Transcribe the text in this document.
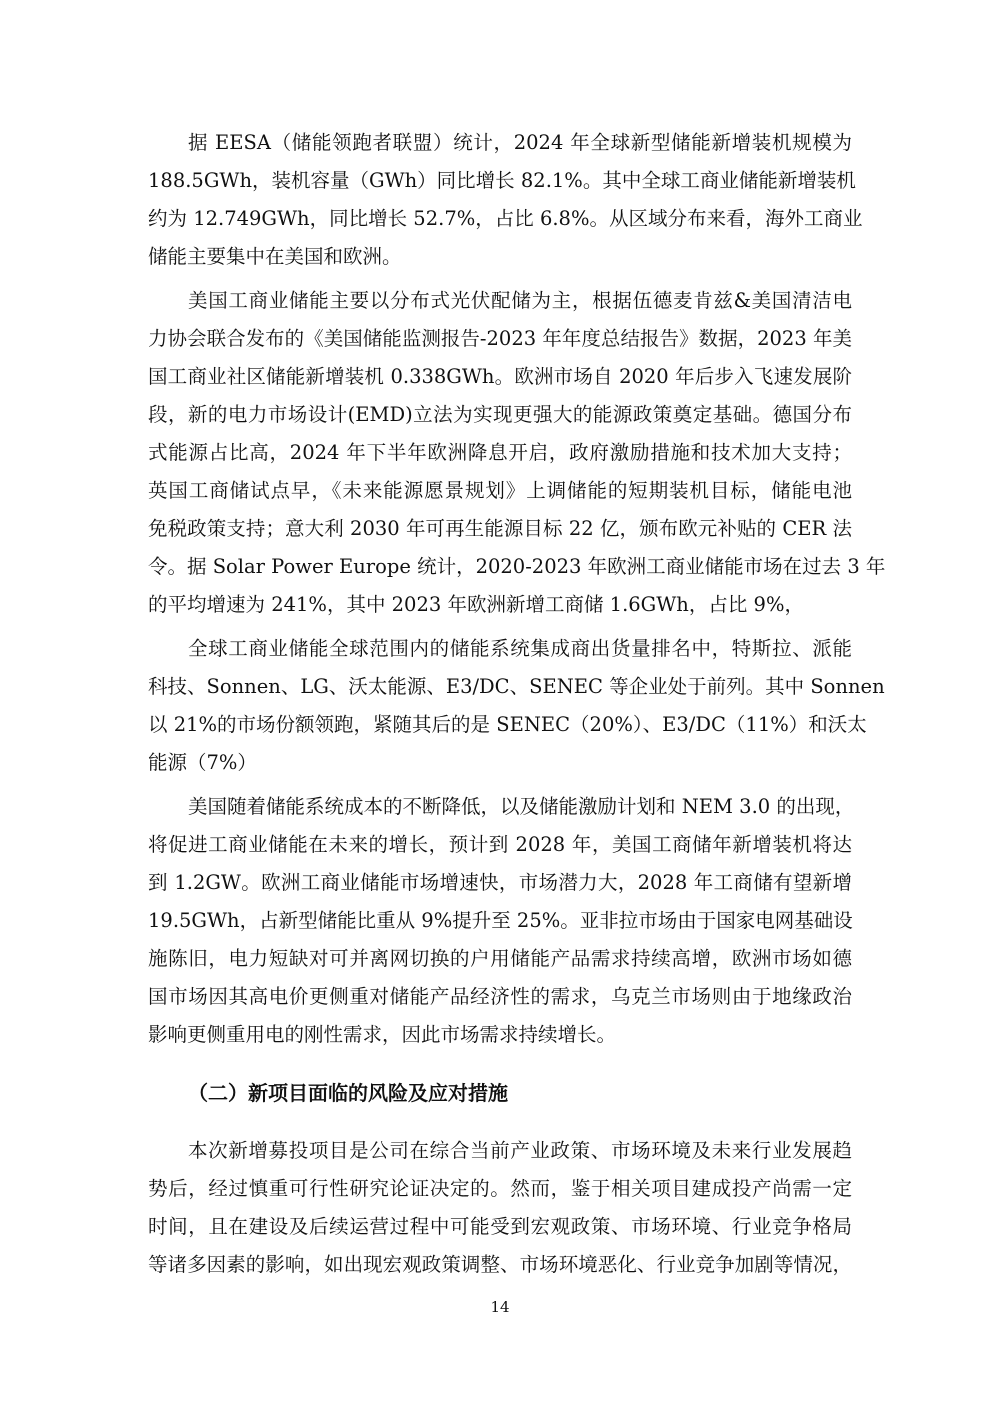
据 EESA（储能领跑者联盟）统计，2024 年全球新型储能新增装机规模为
188.5GWh，装机容量（GWh）同比增长 82.1%。其中全球工商业储能新增装机
约为 12.749GWh，同比增长 52.7%，占比 6.8%。从区域分布来看，海外工商业
储能主要集中在美国和欧洲。
美国工商业储能主要以分布式光伏配储为主，根据伍德麦肯兹&美国清洁电
力协会联合发布的《美国储能监测报告-2023 年年度总结报告》数据，2023 年美
国工商业社区储能新增装机 0.338GWh。欧洲市场自 2020 年后步入飞速发展阶
段，新的电力市场设计(EMD)立法为实现更强大的能源政策奠定基础。德国分布
式能源占比高，2024 年下半年欧洲降息开启，政府激励措施和技术加大支持；
英国工商储试点早，《未来能源愿景规划》上调储能的短期装机目标，储能电池
免税政策支持；意大利 2030 年可再生能源目标 22 亿，颁布欧元补贴的 CER 法
令。据 Solar Power Europe 统计，2020-2023 年欧洲工商业储能市场在过去 3 年
的平均增速为 241%，其中 2023 年欧洲新增工商储 1.6GWh，占比 9%，
全球工商业储能全球范围内的储能系统集成商出货量排名中，特斯拉、派能
科技、Sonnen、LG、沃太能源、E3/DC、SENEC 等企业处于前列。其中 Sonnen
以 21%的市场份额领跑，紧随其后的是 SENEC（20%）、E3/DC（11%）和沃太
能源（7%）
美国随着储能系统成本的不断降低，以及储能激励计划和 NEM 3.0 的出现，
将促进工商业储能在未来的增长，预计到 2028 年，美国工商储年新增装机将达
到 1.2GW。欧洲工商业储能市场增速快，市场潜力大，2028 年工商储有望新增
19.5GWh，占新型储能比重从 9%提升至 25%。亚非拉市场由于国家电网基础设
施陈旧，电力短缺对可并离网切换的户用储能产品需求持续高增，欧洲市场如德
国市场因其高电价更侧重对储能产品经济性的需求，乌克兰市场则由于地缘政治
影响更侧重用电的刚性需求，因此市场需求持续增长。
（二）新项目面临的风险及应对措施
本次新增募投项目是公司在综合当前产业政策、市场环境及未来行业发展趋
势后，经过慎重可行性研究论证决定的。然而，鉴于相关项目建成投产尚需一定
时间，且在建设及后续运营过程中可能受到宏观政策、市场环境、行业竞争格局
等诸多因素的影响，如出现宏观政策调整、市场环境恶化、行业竞争加剧等情况，
14
